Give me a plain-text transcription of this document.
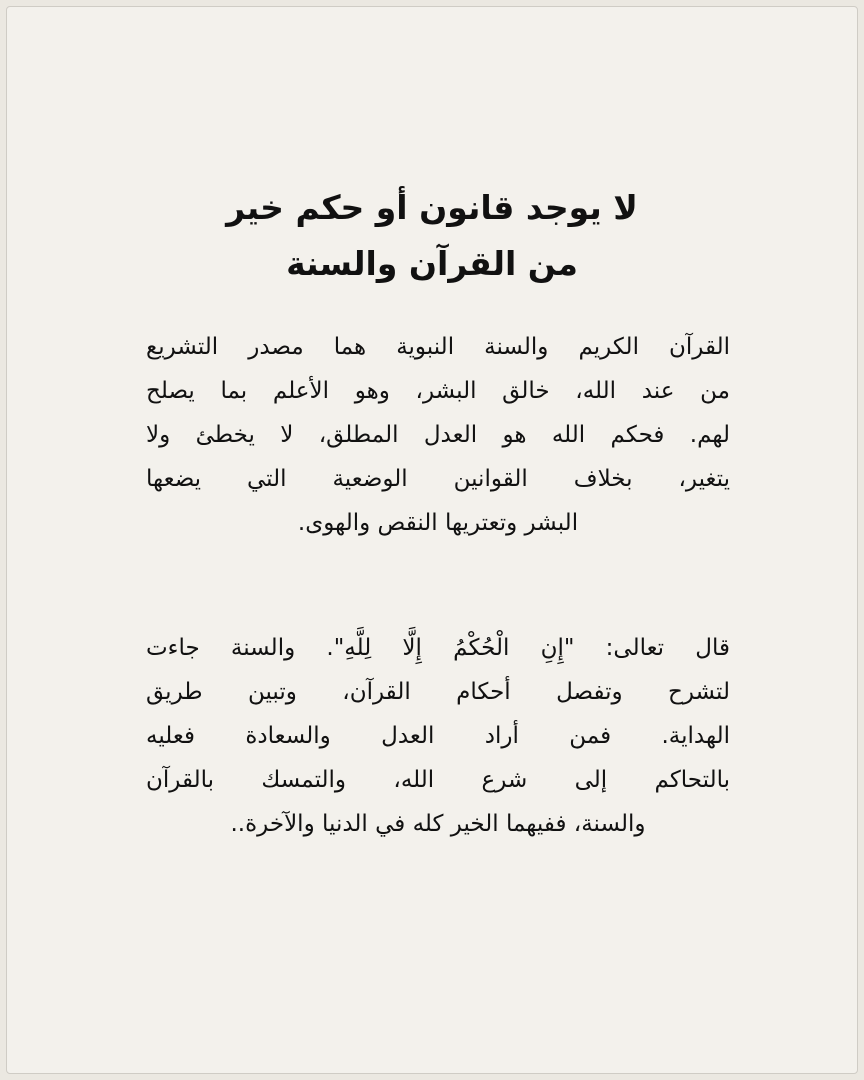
لا يوجد قانون أو حكم خير
من القرآن والسنة
القرآن الكريم والسنة النبوية هما مصدر التشريع
من عند الله، خالق البشر، وهو الأعلم بما يصلح
لهم. فحكم الله هو العدل المطلق، لا يخطئ ولا
يتغير، بخلاف القوانين الوضعية التي يضعها
البشر وتعتريها النقص والهوى.
قال تعالى: "إِنِ الْحُكْمُ إِلَّا لِلَّهِ". والسنة جاءت
لتشرح وتفصل أحكام القرآن، وتبين طريق
الهداية. فمن أراد العدل والسعادة فعليه
بالتحاكم إلى شرع الله، والتمسك بالقرآن
والسنة، ففيهما الخير كله في الدنيا والآخرة..
